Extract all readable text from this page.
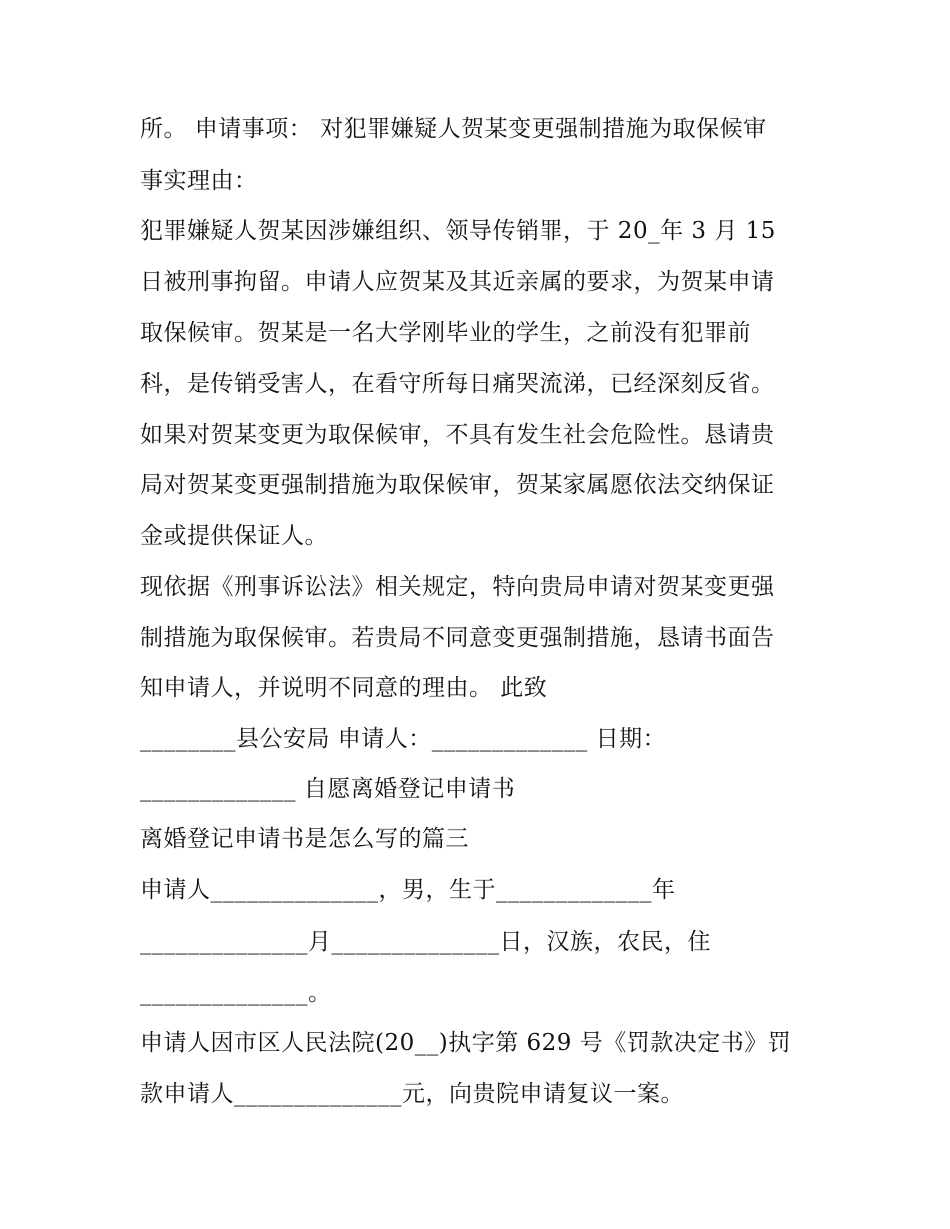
所。 申请事项： 对犯罪嫌疑人贺某变更强制措施为取保候审
事实理由：
犯罪嫌疑人贺某因涉嫌组织、领导传销罪，于 20_年 3 月 15
日被刑事拘留。申请人应贺某及其近亲属的要求，为贺某申请
取保候审。贺某是一名大学刚毕业的学生，之前没有犯罪前
科，是传销受害人，在看守所每日痛哭流涕，已经深刻反省。
如果对贺某变更为取保候审，不具有发生社会危险性。恳请贵
局对贺某变更强制措施为取保候审，贺某家属愿依法交纳保证
金或提供保证人。
现依据《刑事诉讼法》相关规定，特向贵局申请对贺某变更强
制措施为取保候审。若贵局不同意变更强制措施，恳请书面告
知申请人，并说明不同意的理由。 此致
________县公安局 申请人：_____________ 日期：
_____________ 自愿离婚登记申请书
离婚登记申请书是怎么写的篇三
申请人______________，男，生于_____________年
______________月______________日，汉族，农民，住
______________。
申请人因市区人民法院(20__)执字第 629 号《罚款决定书》罚
款申请人______________元，向贵院申请复议一案。
